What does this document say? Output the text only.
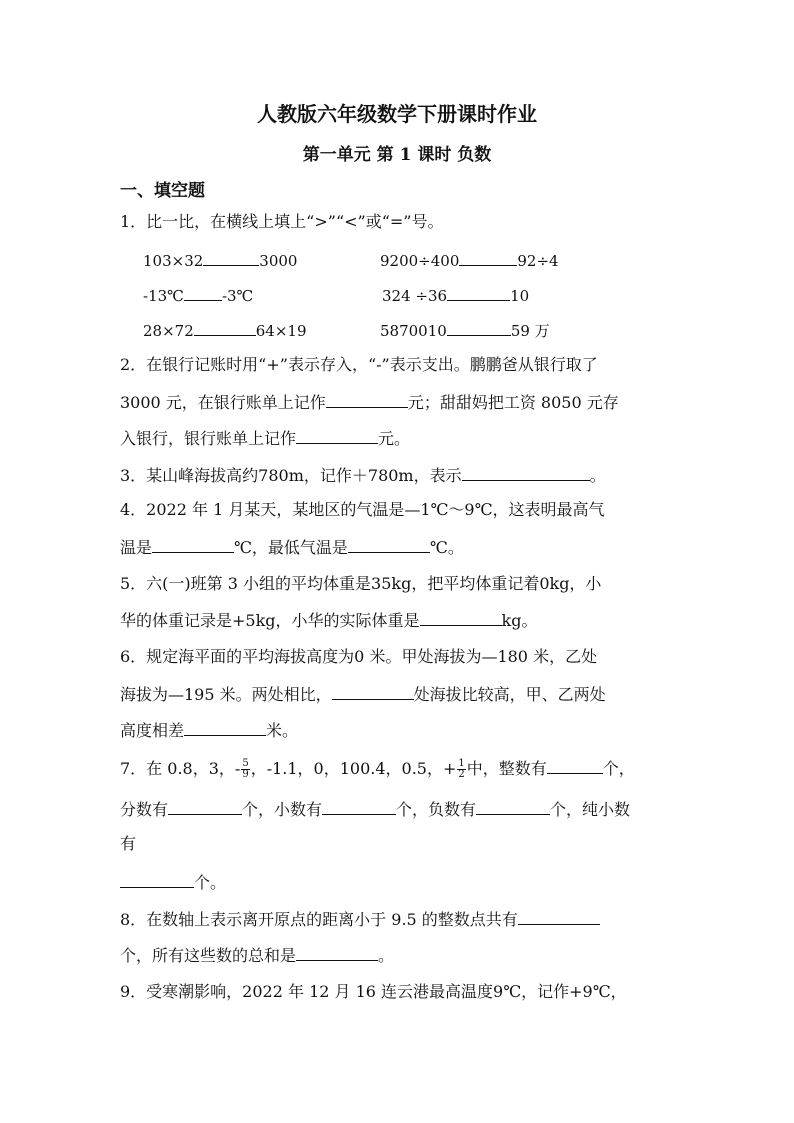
人教版六年级数学下册课时作业
第一单元 第 1 课时 负数
一、填空题
1．比一比，在横线上填上“>”“<”或“=”号。
103×32	3000	9200÷400	92÷4
-13℃	-3℃	324 ÷36	10
28×72	64×19	5870010	59 万
2．在银行记账时用“+”表示存入，“-”表示支出。鹏鹏爸从银行取了
3000 元，在银行账单上记作	元；甜甜妈把工资 8050 元存
入银行，银行账单上记作	元。
3．某山峰海拔高约780m，记作＋780m，表示	。
4．2022 年 1 月某天，某地区的气温是—1℃～9℃，这表明最高气
温是	℃，最低气温是	℃。
5．六(一)班第 3 小组的平均体重是35kg，把平均体重记着0kg，小
华的体重记录是+5kg，小华的实际体重是	kg。
6．规定海平面的平均海拔高度为0 米。甲处海拔为—180 米，乙处
海拔为—195 米。两处相比，	处海拔比较高，甲、乙两处
高度相差	米。
7．在 0.8，3，- $\frac{5}{9}$ ，-1.1，0，100.4，0.5，+ $\frac{1}{2}$ 中，整数有	个，
分数有	个，小数有	个，负数有	个，纯小数
有
个。
8．在数轴上表示离开原点的距离小于 9.5 的整数点共有
个，所有这些数的总和是	。
9．受寒潮影响，2022 年 12 月 16 连云港最高温度9℃，记作+9℃，
